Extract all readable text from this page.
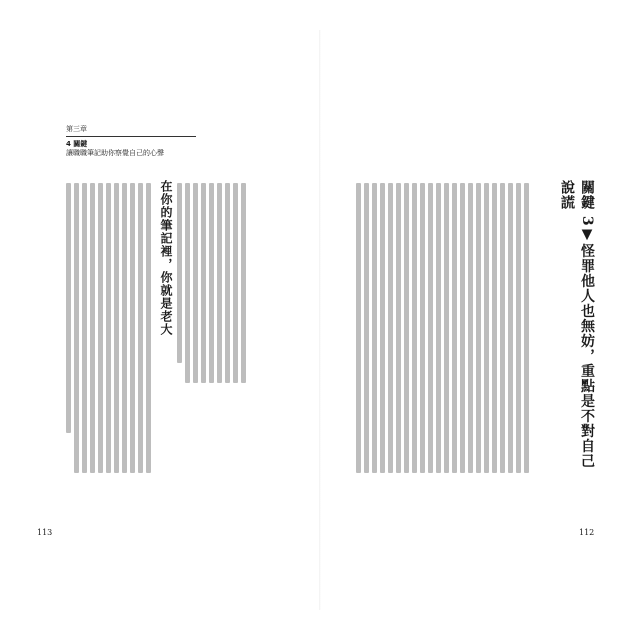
第三章
4 關鍵
讓職職筆記助你察覺自己的心聲
在你的筆記裡，你就是老大
113
關鍵 3▼怪罪他人也無妨，重點是不對自己說謊
112
